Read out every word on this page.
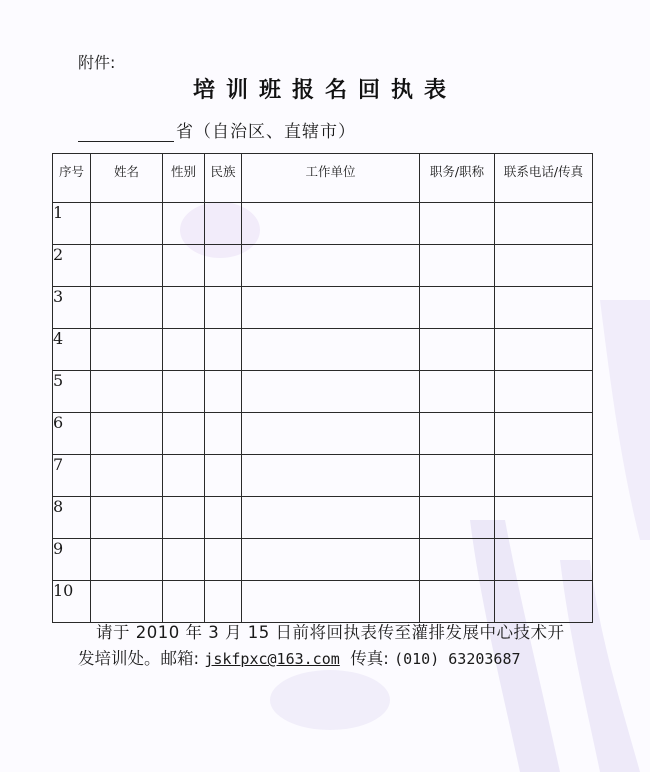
附件:
培训班报名回执表
省（自治区、直辖市）
序号	姓名	性别	民族	工作单位	职务/职称	联系电话/传真
1						
2						
3						
4						
5						
6						
7						
8						
9						
10						
请于 2010 年 3 月 15 日前将回执表传至灌排发展中心技术开
发培训处。邮箱: jskfpxc@163.com  传真: (010) 63203687
